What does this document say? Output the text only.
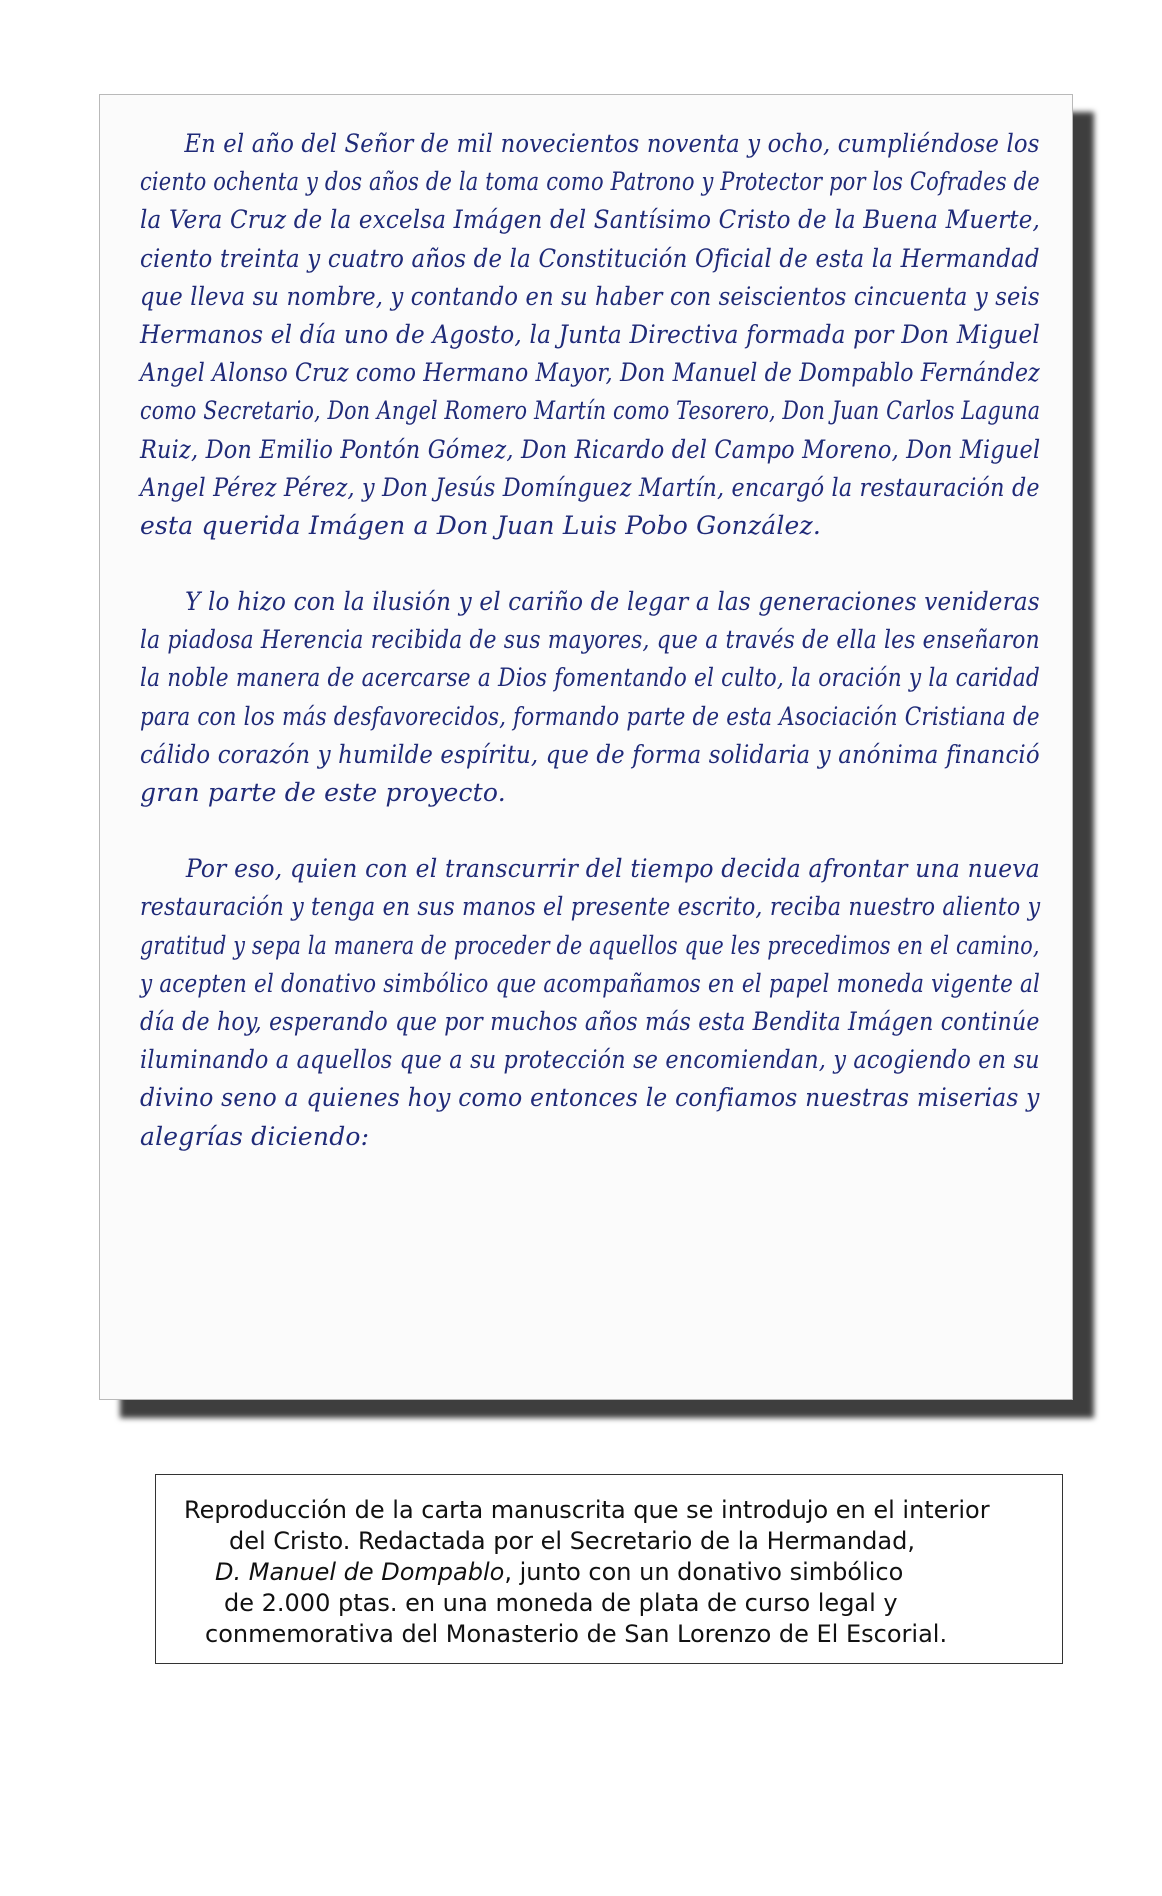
En el año del Señor de mil novecientos noventa y ocho, cumpliéndose los
ciento ochenta y dos años de la toma como Patrono y Protector por los Cofrades de
la Vera Cruz de la excelsa Imágen del Santísimo Cristo de la Buena Muerte,
ciento treinta y cuatro años de la Constitución Oficial de esta la Hermandad
que lleva su nombre, y contando en su haber con seiscientos cincuenta y seis
Hermanos el día uno de Agosto, la Junta Directiva formada por Don Miguel
Angel Alonso Cruz como Hermano Mayor, Don Manuel de Dompablo Fernández
como Secretario, Don Angel Romero Martín como Tesorero, Don Juan Carlos Laguna
Ruiz, Don Emilio Pontón Gómez, Don Ricardo del Campo Moreno, Don Miguel
Angel Pérez Pérez, y Don Jesús Domínguez Martín, encargó la restauración de
esta querida Imágen a Don Juan Luis Pobo González.
Y lo hizo con la ilusión y el cariño de legar a las generaciones venideras
la piadosa Herencia recibida de sus mayores, que a través de ella les enseñaron
la noble manera de acercarse a Dios fomentando el culto, la oración y la caridad
para con los más desfavorecidos, formando parte de esta Asociación Cristiana de
cálido corazón y humilde espíritu, que de forma solidaria y anónima financió
gran parte de este proyecto.
Por eso, quien con el transcurrir del tiempo decida afrontar una nueva
restauración y tenga en sus manos el presente escrito, reciba nuestro aliento y
gratitud y sepa la manera de proceder de aquellos que les precedimos en el camino,
y acepten el donativo simbólico que acompañamos en el papel moneda vigente al
día de hoy, esperando que por muchos años más esta Bendita Imágen continúe
iluminando a aquellos que a su protección se encomiendan, y acogiendo en su
divino seno a quienes hoy como entonces le confiamos nuestras miserias y
alegrías diciendo:
Reproducción de la carta manuscrita que se introdujo en el interior
del Cristo. Redactada por el Secretario de la Hermandad,
D. Manuel de Dompablo, junto con un donativo simbólico
de 2.000 ptas. en una moneda de plata de curso legal y
conmemorativa del Monasterio de San Lorenzo de El Escorial.
